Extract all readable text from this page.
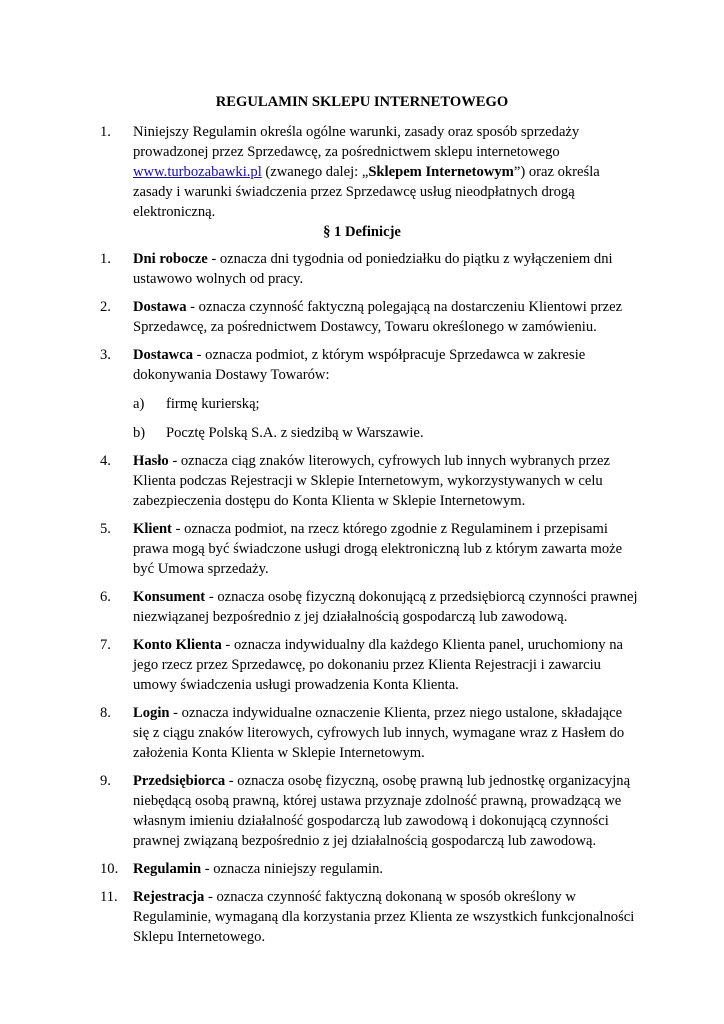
REGULAMIN SKLEPU INTERNETOWEGO
1.	Niniejszy Regulamin określa ogólne warunki, zasady oraz sposób sprzedaży prowadzonej przez Sprzedawcę, za pośrednictwem sklepu internetowego www.turbozabawki.pl (zwanego dalej: „Sklepem Internetowym”) oraz określa zasady i warunki świadczenia przez Sprzedawcę usług nieodpłatnych drogą elektroniczną.
§ 1 Definicje
1.	Dni robocze - oznacza dni tygodnia od poniedziałku do piątku z wyłączeniem dni ustawowo wolnych od pracy.
2.	Dostawa - oznacza czynność faktyczną polegającą na dostarczeniu Klientowi przez Sprzedawcę, za pośrednictwem Dostawcy, Towaru określonego w zamówieniu.
3.	Dostawca - oznacza podmiot, z którym współpracuje Sprzedawca w zakresie dokonywania Dostawy Towarów:
a)	firmę kurierską;
b)	Pocztę Polską S.A. z siedzibą w Warszawie.
4.	Hasło - oznacza ciąg znaków literowych, cyfrowych lub innych wybranych przez Klienta podczas Rejestracji w Sklepie Internetowym, wykorzystywanych w celu zabezpieczenia dostępu do Konta Klienta w Sklepie Internetowym.
5.	Klient - oznacza podmiot, na rzecz którego zgodnie z Regulaminem i przepisami prawa mogą być świadczone usługi drogą elektroniczną lub z którym zawarta może być Umowa sprzedaży.
6.	Konsument - oznacza osobę fizyczną dokonującą z przedsiębiorcą czynności prawnej niezwiązanej bezpośrednio z jej działalnością gospodarczą lub zawodową.
7.	Konto Klienta - oznacza indywidualny dla każdego Klienta panel, uruchomiony na jego rzecz przez Sprzedawcę, po dokonaniu przez Klienta Rejestracji i zawarciu umowy świadczenia usługi prowadzenia Konta Klienta.
8.	Login - oznacza indywidualne oznaczenie Klienta, przez niego ustalone, składające się z ciągu znaków literowych, cyfrowych lub innych, wymagane wraz z Hasłem do założenia Konta Klienta w Sklepie Internetowym.
9.	Przedsiębiorca - oznacza osobę fizyczną, osobę prawną lub jednostkę organizacyjną niebędącą osobą prawną, której ustawa przyznaje zdolność prawną, prowadzącą we własnym imieniu działalność gospodarczą lub zawodową i dokonującą czynności prawnej związaną bezpośrednio z jej działalnością gospodarczą lub zawodową.
10.	Regulamin - oznacza niniejszy regulamin.
11.	Rejestracja - oznacza czynność faktyczną dokonaną w sposób określony w Regulaminie, wymaganą dla korzystania przez Klienta ze wszystkich funkcjonalności Sklepu Internetowego.
